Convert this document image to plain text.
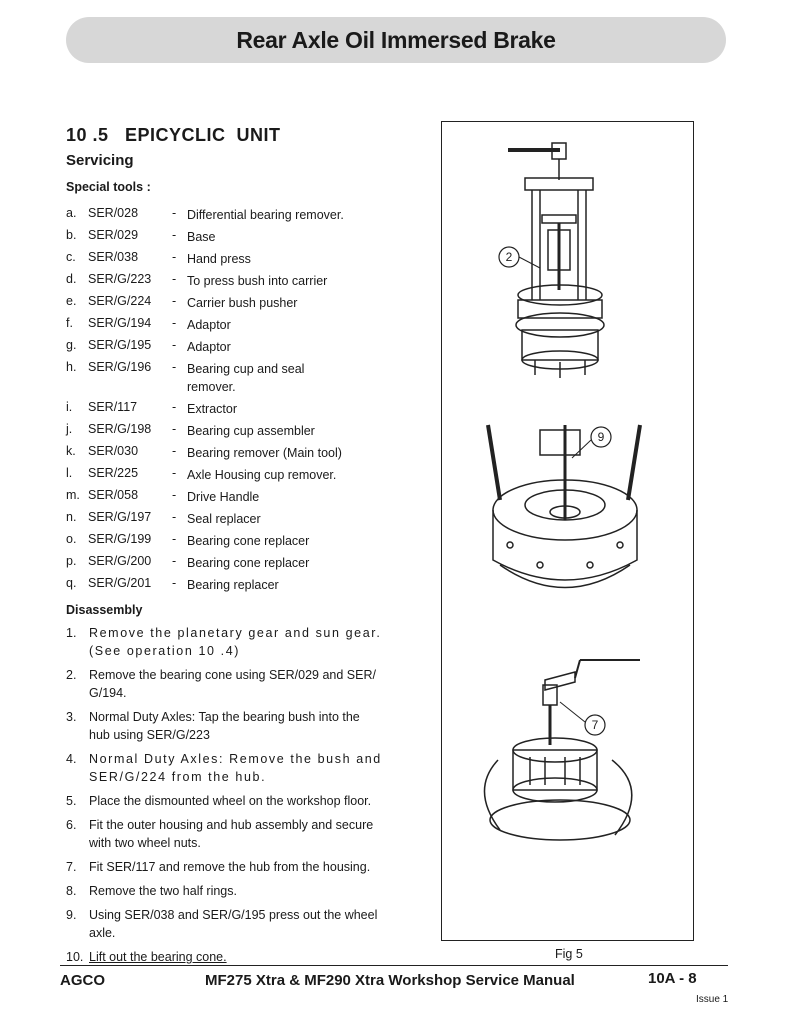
Rear Axle Oil Immersed Brake
10 .5   EPICYCLIC  UNIT
Servicing
Special tools :
a. SER/028	- Differential bearing remover.
b. SER/029	- Base
c. SER/038	- Hand press
d. SER/G/223 - To press bush into carrier
e. SER/G/224 - Carrier bush pusher
f. SER/G/194 - Adaptor
g. SER/G/195 - Adaptor
h. SER/G/196 - Bearing cup and seal remover.
i. SER/117	- Extractor
j. SER/G/198 - Bearing cup assembler
k. SER/030	- Bearing remover (Main tool)
l. SER/225	- Axle Housing cup remover.
m. SER/058	- Drive Handle
n. SER/G/197 - Seal replacer
o. SER/G/199 - Bearing cone replacer
p. SER/G/200 - Bearing cone replacer
q. SER/G/201 - Bearing replacer
Disassembly
1. Remove the planetary gear and sun gear. (See operation 10 .4)
2. Remove the bearing cone using SER/029 and SER/ G/194.
3. Normal Duty Axles: Tap the bearing bush into the hub using SER/G/223
4. Normal Duty Axles: Remove the bush and SER/G/224 from the hub.
5. Place the dismounted wheel on the workshop floor.
6. Fit the outer housing and hub assembly and secure with two wheel nuts.
7. Fit SER/117 and remove the hub from the housing.
8. Remove the two half rings.
9. Using SER/038 and SER/G/195 press out the wheel axle.
10. Lift out the bearing cone.
2
9
7
Fig 5
AGCO	MF275 Xtra & MF290 Xtra Workshop Service Manual	10A - 8
Issue 1
